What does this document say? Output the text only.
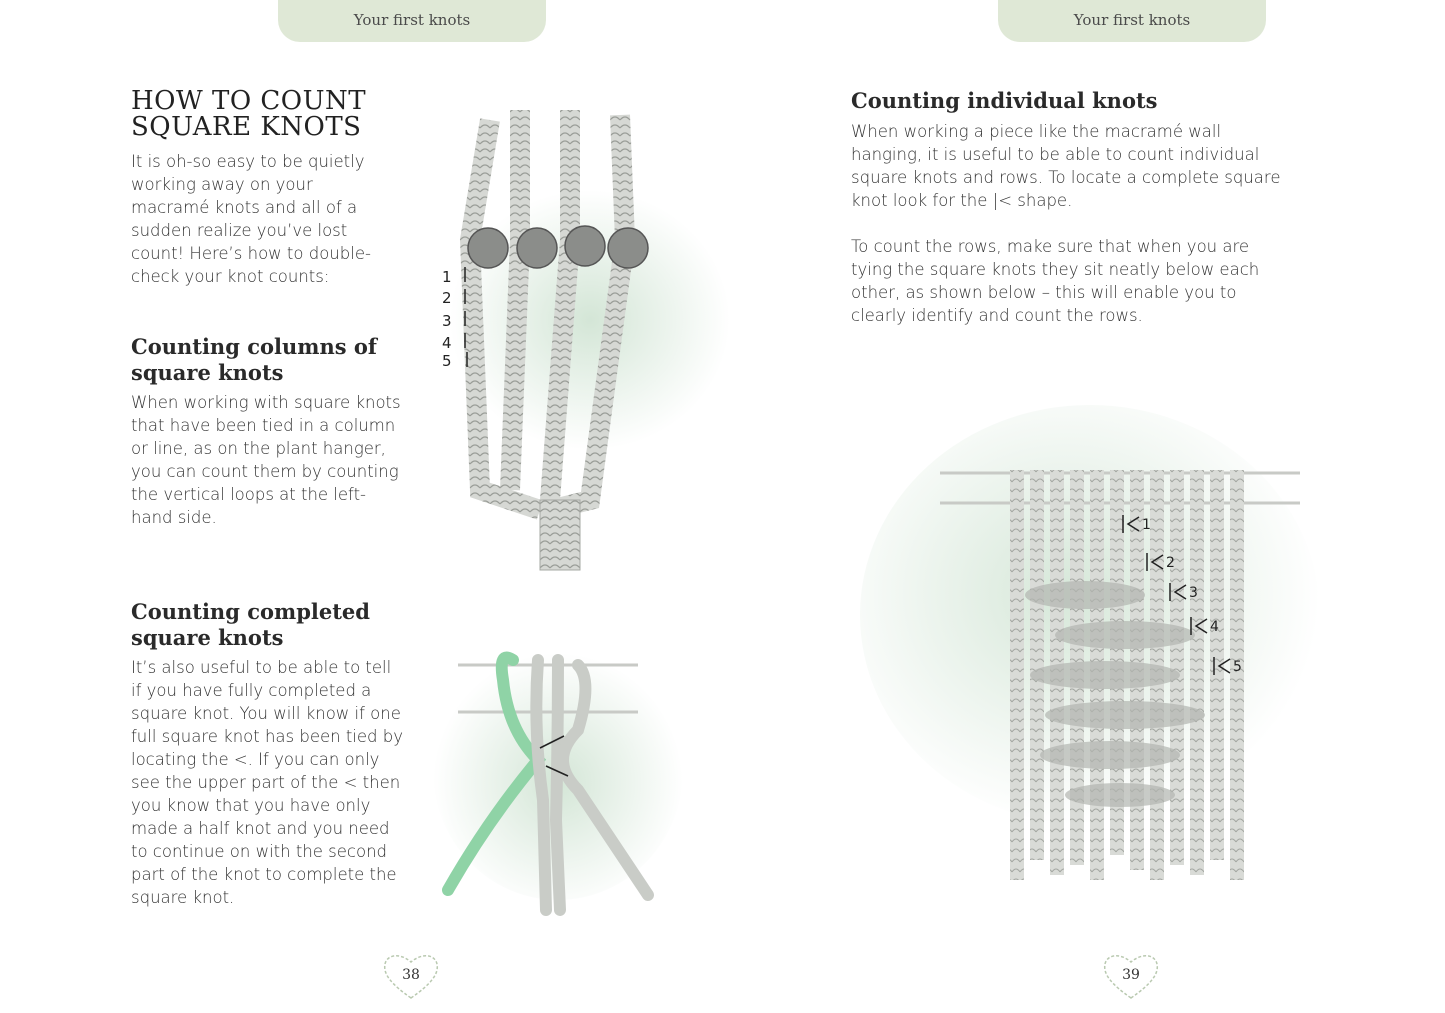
Your first knots	Your first knots
HOW TO COUNT SQUARE KNOTS

It is oh-so easy to be quietly working away on your macramé knots and all of a sudden realize you’ve lost count! Here’s how to double-check your knot counts:

Counting columns of square knots

When working with square knots that have been tied in a column or line, as on the plant hanger, you can count them by counting the vertical loops at the left-hand side.

Counting completed square knots

It’s also useful to be able to tell if you have fully completed a square knot. You will know if one full square knot has been tied by locating the <. If you can only see the upper part of the < then you know that you have only made a half knot and you need to continue on with the second part of the knot to complete the square knot.

Counting individual knots

When working a piece like the macramé wall hanging, it is useful to be able to count individual square knots and rows. To locate a complete square knot look for the |< shape.

To count the rows, make sure that when you are tying the square knots they sit neatly below each other, as shown below – this will enable you to clearly identify and count the rows.

1
2
3
4
5
1
2
3
4
5
38	39
